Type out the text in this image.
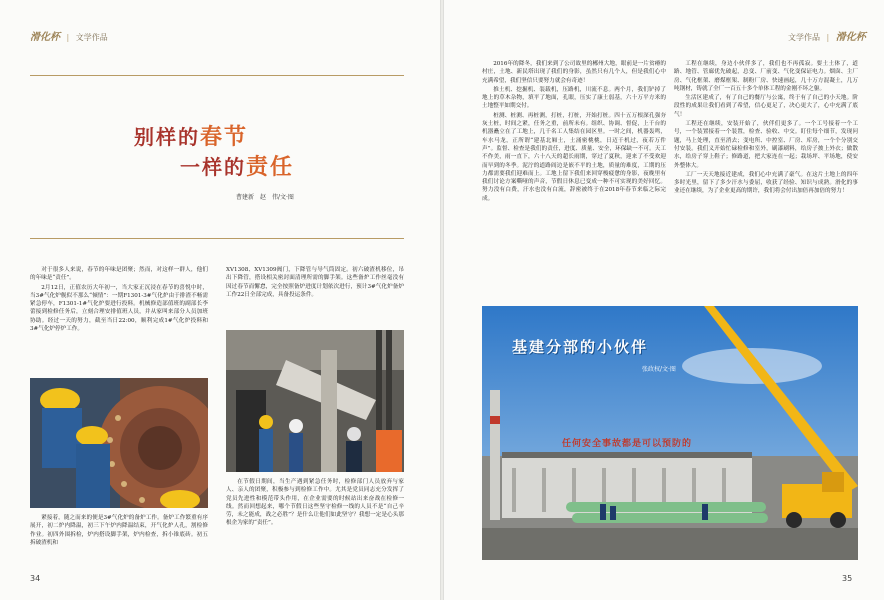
滑化杯 | 文学作品	文学作品 | 滑化杯
别样的春节
一样的责任
曹建新　赵　伟/文·图

对于很多人来说，春节的年味是团聚；然而，对这样一群人，他们的年味是“责任”。

2月12日，正值农历大年初一，当大家正沉浸在春节的喜悦中时，当3#气化炉舰似不那么“倾情”：一期F1301-3#气化炉由于排渣不畅需紧急停车，F1301-1#气化炉要进行投料。机械修造部值班的副部长李蕾接到检修任务后，立刻合理安排值班人员，并从家叫来部分人员加班协助。经过一天的努力，截至当日22:00，顺利完成1#气化炉投料和3#气化炉停炉工作。

紧接着，随之而来的便是3#气化炉的备炉工作。备炉工作繁重有序展开，初二炉内降温，初三下午炉内降温结束，开气化炉人孔，割检修作业。初四外围拆检，炉内搭设脚手架，炉内检查，拆小锥底砖。初五拆破渣机和

XV1308、XV1309阀门，下降管与导气筒固定。初六破渣机移位，吊出下降管，搭设相关密封面清理所需的脚手架。这些备炉工作丝毫没有因过春节而懈怠，完全按照备炉进度计划依次进行，预计3#气化炉备炉工作22日全部完成，具备投运条件。

在节假日期间，当生产遇到紧急任务时，检修部门人员放弃与家人、亲人的团聚，积极参与到检修工作中。尤其是党员同志充分发挥了党员先进性和模范带头作用，在企业需要的时候站出来奋战在检修一线。然而回想起来，哪个节假日这些坚守检修一线的人员不是“自己辛劳，未之能成，战之必胜”？是什么让他们如此坚守？我想一定是心头那根企为家的“责任”。

34

2016年的降冬，我们来到了公司故里的郴州大地，眼前是一片贫瘠的村庄，土地、新民塔出现了我们的身影，虽然只有几个人，但是我们心中充满希望，我们坚信只要努力就会有奇迹！

推土机、挖掘机、装载机，压路机，川流不息。两个月，我们铲掉了地上的草木杂物，填平了地面，孔眼，压实了康土弱基，六十万平方米的土地整平如期交付。

桩测、桩测、再桩测，打桩，打桩，开始打桩。四十五万根深孔强夯灰土桩，时间之紧，任务之重，前所未有。组织、协调、督促，上千台的机器矗立在了工地上，几千名工人集结在园区里。一时之间，机器轰鸣，车水马龙，正所谓“建基北厢土，土涌密桃桃，日迈千机过，夜若万件声”。监督、检查是我们的责任，进度、质量、安全，环保缺一不可。天工不作美，雨一直下，六十八天的超长雨期，穿过了夏秋，迎来了不受欢迎而早到的冬季。泥泞的道路阎边是嵌不平的土地，质量的难度，工期的压力都需要我们迎难而上。工地上留下我们来回穿梭疲惫的身影，夜晚里有我们讨论方案嘶哑的声音，节假日休息已变成一种不可实现的美好回忆。努力没有白费，汗水也没有白流，辞密被终于在2018年春节来临之际完成。

工程在继续，身边小伙伴多了，我们也不再孤寂。要土土体了，道路、地管、管廊优先破起，总变、厂前变、气化变保证电力。烟囱、主厂房、气化框架、磨煤框架、制粉厂房、快速画起，几十万方混凝土，几万吨钢材，铸就了全厂一百五十多个单体工程的金刚不坏之躯。

生活区建成了，有了自己的餐厅与公寓，终于有了自己的小天地。阶段性的成果让我们看到了希望，信心更足了，决心更大了，心中充满了底气！

工程还在继续，安装开始了，伙伴们更多了。一个工号接着一个工号，一个装置接着一个装置，检查、验收、中交。盯住每个细节，发现问题，马上处理，直至消去；变电所、中控室、厂房、库房，一个个分别交付安装。我们义开始忙碌检修和室外，刷漆刷料，给房子披上外衣；做散水，给房子穿上鞋子；修路道，把大家连在一起；栽场坪、平场地，使安外整体大。

工厂一天天地接近建成，我们心中充满了豪气。在这片土地上的四年多时光里，留下了多少汗水与委屈，收获了经验、知识与成熟。滑化的事业还在继续，为了企业更高的期许，我们将会付出加倍再加倍的努力！

基建分部的小伙伴
张政权/文·图
任何安全事故都是可以预防的
35
